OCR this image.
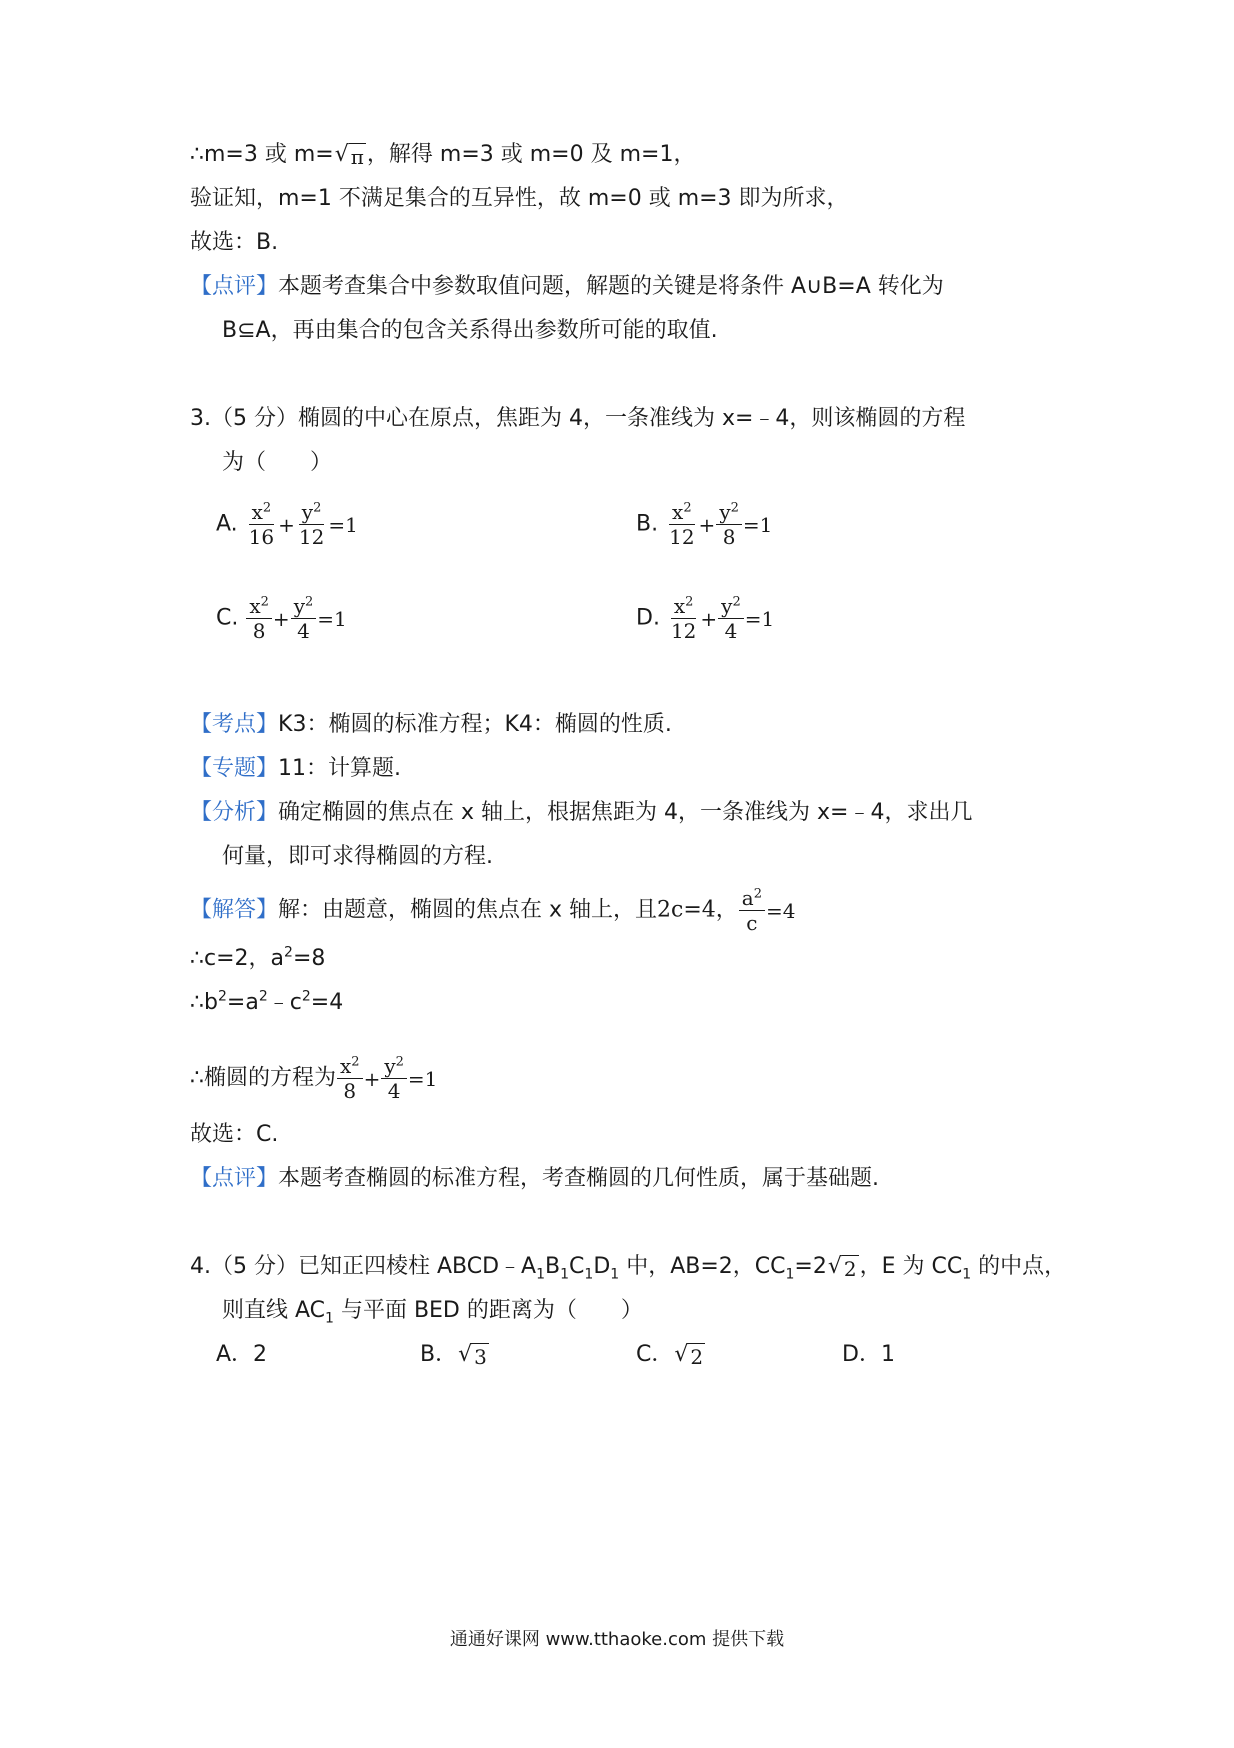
∴m=3 或 m= √ π ，解得 m=3 或 m=0 及 m=1，
验证知，m=1 不满足集合的互异性，故 m=0 或 m=3 即为所求，
故选：B.
【点评】本题考查集合中参数取值问题，解题的关键是将条件 A∪B=A 转化为
B⊆A，再由集合的包含关系得出参数所可能的取值.
3.（5 分）椭圆的中心在原点，焦距为 4，一条准线为 x=﹣4，则该椭圆的方程
为（　　）
A. $\frac{x^2}{16} + \frac{y^2}{12} =1$	B. $\frac{x^2}{12} + \frac{y^2}{8} =1$
C. $\frac{x^2}{8} + \frac{y^2}{4} =1$	D. $\frac{x^2}{12} + \frac{y^2}{4} =1$
【考点】K3：椭圆的标准方程；K4：椭圆的性质.
【专题】11：计算题.
【分析】确定椭圆的焦点在 x 轴上，根据焦距为 4，一条准线为 x=﹣4，求出几
何量，即可求得椭圆的方程.
【解答】解：由题意，椭圆的焦点在 x 轴上，且2c=4， $\frac{a^2}{c} =4$
∴c=2，$a^2=8$
$\therefore b^2=a^2﹣c^2=4$
∴椭圆的方程为 $\frac{x^2}{8} + \frac{y^2}{4} =1$
故选：C.
【点评】本题考查椭圆的标准方程，考查椭圆的几何性质，属于基础题.
4.（5 分）已知正四棱柱 $ABCD﹣A_1B_1C_1D_1$ 中，AB=2，$CC_1=2$ √ 2 ，E 为 $CC_1$ 的中点，
则直线 $AC_1$ 与平面 BED 的距离为（　　）
A．2	B． √ 3	C． √ 2	D．1
通通好课网 www.tthaoke.com 提供下载
